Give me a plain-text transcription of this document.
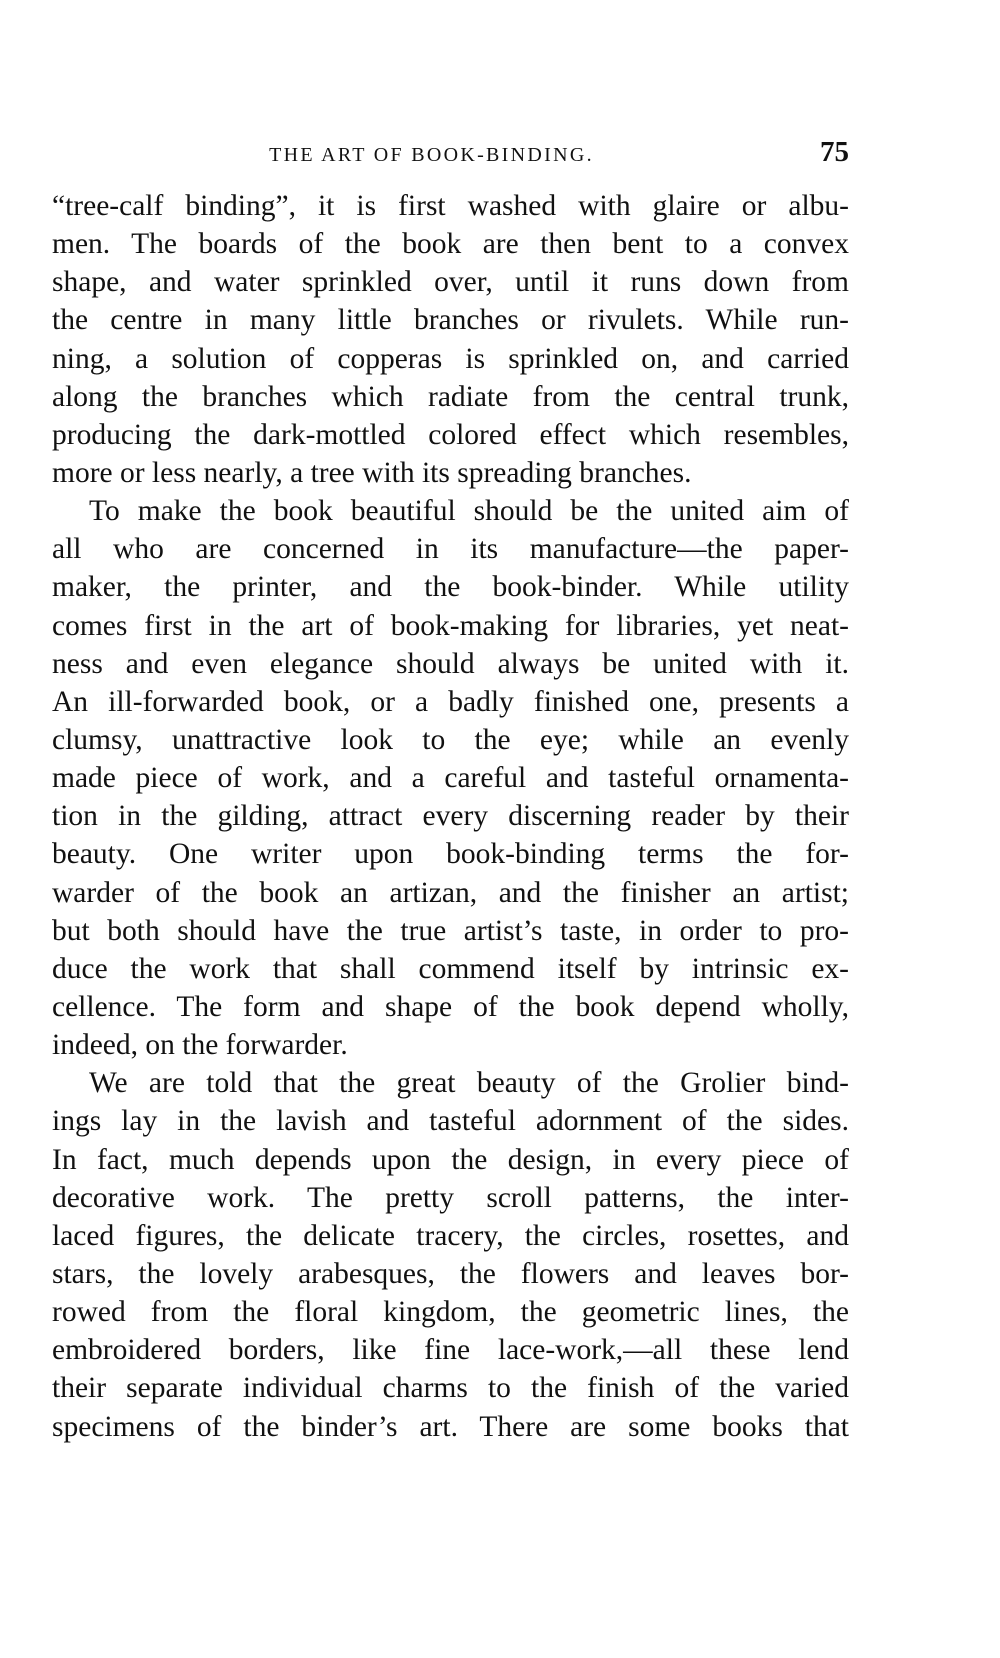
THE ART OF BOOK-BINDING.	75
“tree-calf binding”, it is first washed with glaire or albu-
men. The boards of the book are then bent to a convex
shape, and water sprinkled over, until it runs down from
the centre in many little branches or rivulets. While run-
ning, a solution of copperas is sprinkled on, and carried
along the branches which radiate from the central trunk,
producing the dark-mottled colored effect which resembles,
more or less nearly, a tree with its spreading branches.
To make the book beautiful should be the united aim of
all who are concerned in its manufacture—the paper-
maker, the printer, and the book-binder. While utility
comes first in the art of book-making for libraries, yet neat-
ness and even elegance should always be united with it.
An ill-forwarded book, or a badly finished one, presents a
clumsy, unattractive look to the eye; while an evenly
made piece of work, and a careful and tasteful ornamenta-
tion in the gilding, attract every discerning reader by their
beauty. One writer upon book-binding terms the for-
warder of the book an artizan, and the finisher an artist;
but both should have the true artist’s taste, in order to pro-
duce the work that shall commend itself by intrinsic ex-
cellence. The form and shape of the book depend wholly,
indeed, on the forwarder.
We are told that the great beauty of the Grolier bind-
ings lay in the lavish and tasteful adornment of the sides.
In fact, much depends upon the design, in every piece of
decorative work. The pretty scroll patterns, the inter-
laced figures, the delicate tracery, the circles, rosettes, and
stars, the lovely arabesques, the flowers and leaves bor-
rowed from the floral kingdom, the geometric lines, the
embroidered borders, like fine lace-work,—all these lend
their separate individual charms to the finish of the varied
specimens of the binder’s art. There are some books that
